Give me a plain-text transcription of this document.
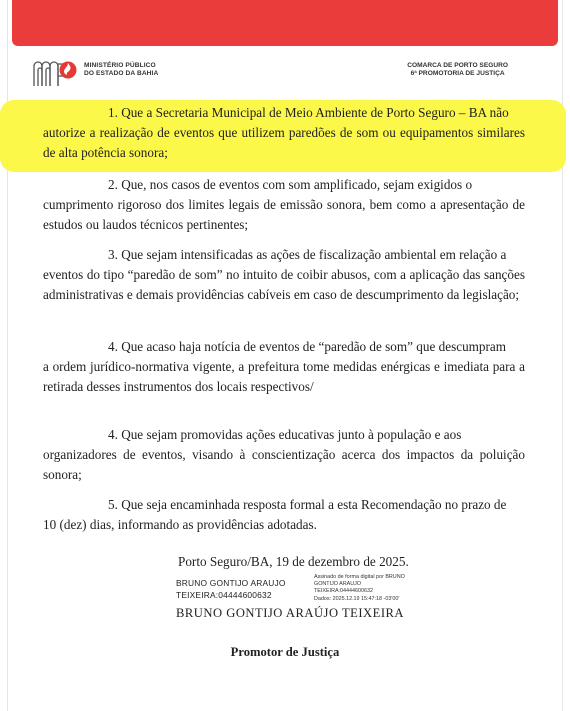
MINISTÉRIO PÚBLICO
DO ESTADO DA BAHIA
COMARCA DE PORTO SEGURO
6ª PROMOTORIA DE JUSTIÇA

1. Que a Secretaria Municipal de Meio Ambiente de Porto Seguro – BA não
autorize a realização de eventos que utilizem paredões de som ou equipamentos similares de alta potência sonora;

2. Que, nos casos de eventos com som amplificado, sejam exigidos o
cumprimento rigoroso dos limites legais de emissão sonora, bem como a apresentação de estudos ou laudos técnicos pertinentes;

3. Que sejam intensificadas as ações de fiscalização ambiental em relação a
eventos do tipo “paredão de som” no intuito de coibir abusos, com a aplicação das sanções administrativas e demais providências cabíveis em caso de descumprimento da legislação;

4. Que acaso haja notícia de eventos de “paredão de som” que descumpram
a ordem jurídico-normativa vigente, a prefeitura tome medidas enérgicas e imediata para a retirada desses instrumentos dos locais respectivos/

4. Que sejam promovidas ações educativas junto à população e aos
organizadores de eventos, visando à conscientização acerca dos impactos da poluição sonora;

5. Que seja encaminhada resposta formal a esta Recomendação no prazo de
10 (dez) dias, informando as providências adotadas.

Porto Seguro/BA, 19 de dezembro de 2025.
BRUNO GONTIJO ARAUJO
TEIXEIRA:04444600632
Assinado de forma digital por BRUNO
GONTIJO ARAUJO
TEIXEIRA:04444600632
Dados: 2025.12.19 15:47:18 -03'00'
BRUNO GONTIJO ARAÚJO TEIXEIRA
Promotor de Justiça
